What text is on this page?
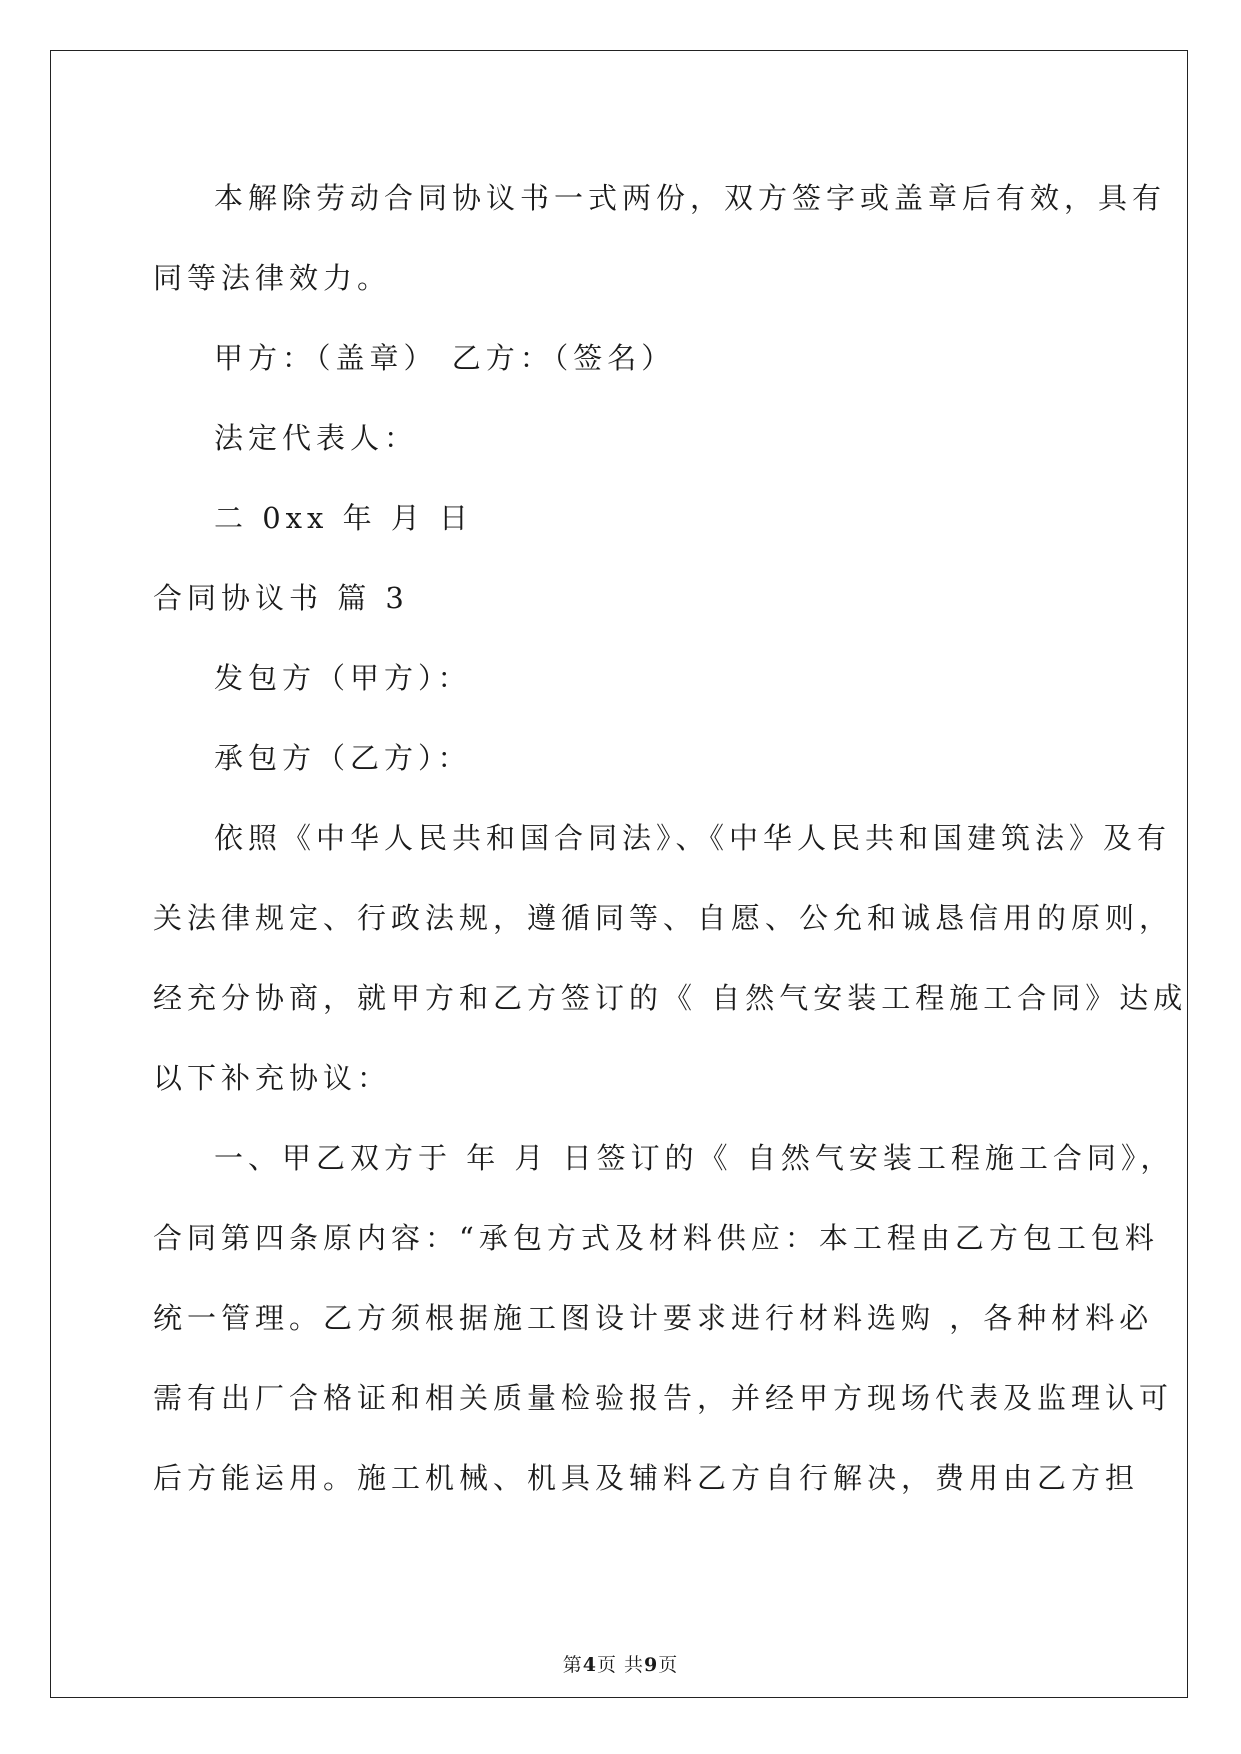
本解除劳动合同协议书一式两份，双方签字或盖章后有效，具有
同等法律效力。
甲方：（盖章） 乙方：（签名）
法定代表人：
二 0xx 年 月 日
合同协议书 篇 3
发包方（甲方）：
承包方（乙方）：
依照《中华人民共和国合同法》、《中华人民共和国建筑法》及有
关法律规定、行政法规，遵循同等、自愿、公允和诚恳信用的原则，
经充分协商，就甲方和乙方签订的《 自然气安装工程施工合同》达成
以下补充协议：
一、甲乙双方于 年 月 日签订的《 自然气安装工程施工合同》，
合同第四条原内容：“承包方式及材料供应：本工程由乙方包工包料
统一管理。乙方须根据施工图设计要求进行材料选购 ，各种材料必
需有出厂合格证和相关质量检验报告，并经甲方现场代表及监理认可
后方能运用。施工机械、机具及辅料乙方自行解决，费用由乙方担
第4页 共9页
